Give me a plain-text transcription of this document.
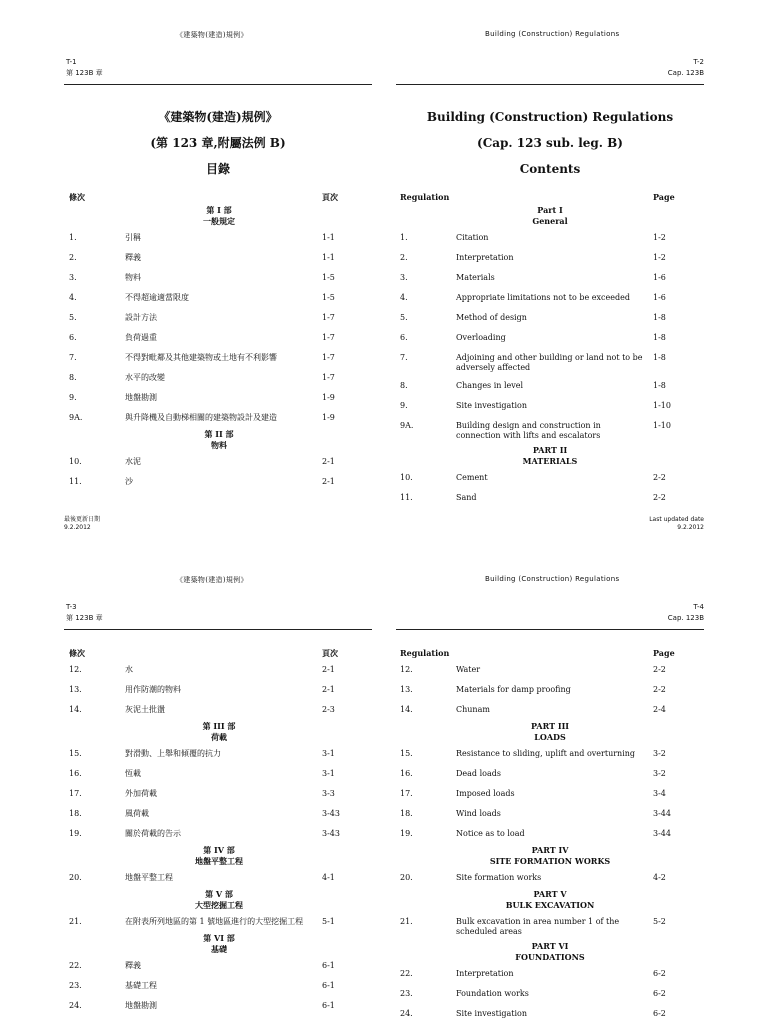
《建築物(建造)規例》	Building (Construction) Regulations
T-1
第 123B 章
T-2
Cap. 123B
《建築物(建造)規例》
(第 123 章,附屬法例 B)
目錄
Building (Construction) Regulations
(Cap. 123 sub. leg. B)
Contents
條次	頁次
第 I 部
一般規定
1.	引稱	1-1
2.	釋義	1-1
3.	物料	1-5
4.	不得超逾適當限度	1-5
5.	設計方法	1-7
6.	負荷過重	1-7
7.	不得對毗鄰及其他建築物或土地有不利影響	1-7
8.	水平的改變	1-7
9.	地盤勘測	1-9
9A.	與升降機及自動梯相關的建築物設計及建造	1-9
第 II 部
物料
10.	水泥	2-1
11.	沙	2-1
Regulation	Page
Part I
General
1.	Citation	1-2
2.	Interpretation	1-2
3.	Materials	1-6
4.	Appropriate limitations not to be exceeded	1-6
5.	Method of design	1-8
6.	Overloading	1-8
7.	Adjoining and other building or land not to be adversely affected
1-8
8.	Changes in level	1-8
9.	Site investigation	1-10
9A.	Building design and construction in connection with lifts and escalators
1-10
PART II
MATERIALS
10.	Cement	2-2
11.	Sand	2-2
最後更新日期
9.2.2012
Last updated date
9.2.2012
《建築物(建造)規例》	Building (Construction) Regulations
T-3
第 123B 章
T-4
Cap. 123B
條次	頁次
12.	水	2-1
13.	用作防潮的物料	2-1
14.	灰泥土批盪	2-3
第 III 部
荷載
15.	對滑動、上舉和傾覆的抗力	3-1
16.	恆載	3-1
17.	外加荷載	3-3
18.	風荷載	3-43
19.	關於荷載的告示	3-43
第 IV 部
地盤平整工程
20.	地盤平整工程	4-1
第 V 部
大型挖掘工程
21.	在附表所列地區的第 1 號地區進行的大型挖掘工程	5-1
第 VI 部
基礎
22.	釋義	6-1
23.	基礎工程	6-1
24.	地盤勘測	6-1
Regulation	Page
12.	Water	2-2
13.	Materials for damp proofing	2-2
14.	Chunam	2-4
PART III
LOADS
15.	Resistance to sliding, uplift and overturning	3-2
16.	Dead loads	3-2
17.	Imposed loads	3-4
18.	Wind loads	3-44
19.	Notice as to load	3-44
PART IV
SITE FORMATION WORKS
20.	Site formation works	4-2
PART V
BULK EXCAVATION
21.	Bulk excavation in area number 1 of the scheduled areas
5-2
PART VI
FOUNDATIONS
22.	Interpretation	6-2
23.	Foundation works	6-2
24.	Site investigation	6-2
